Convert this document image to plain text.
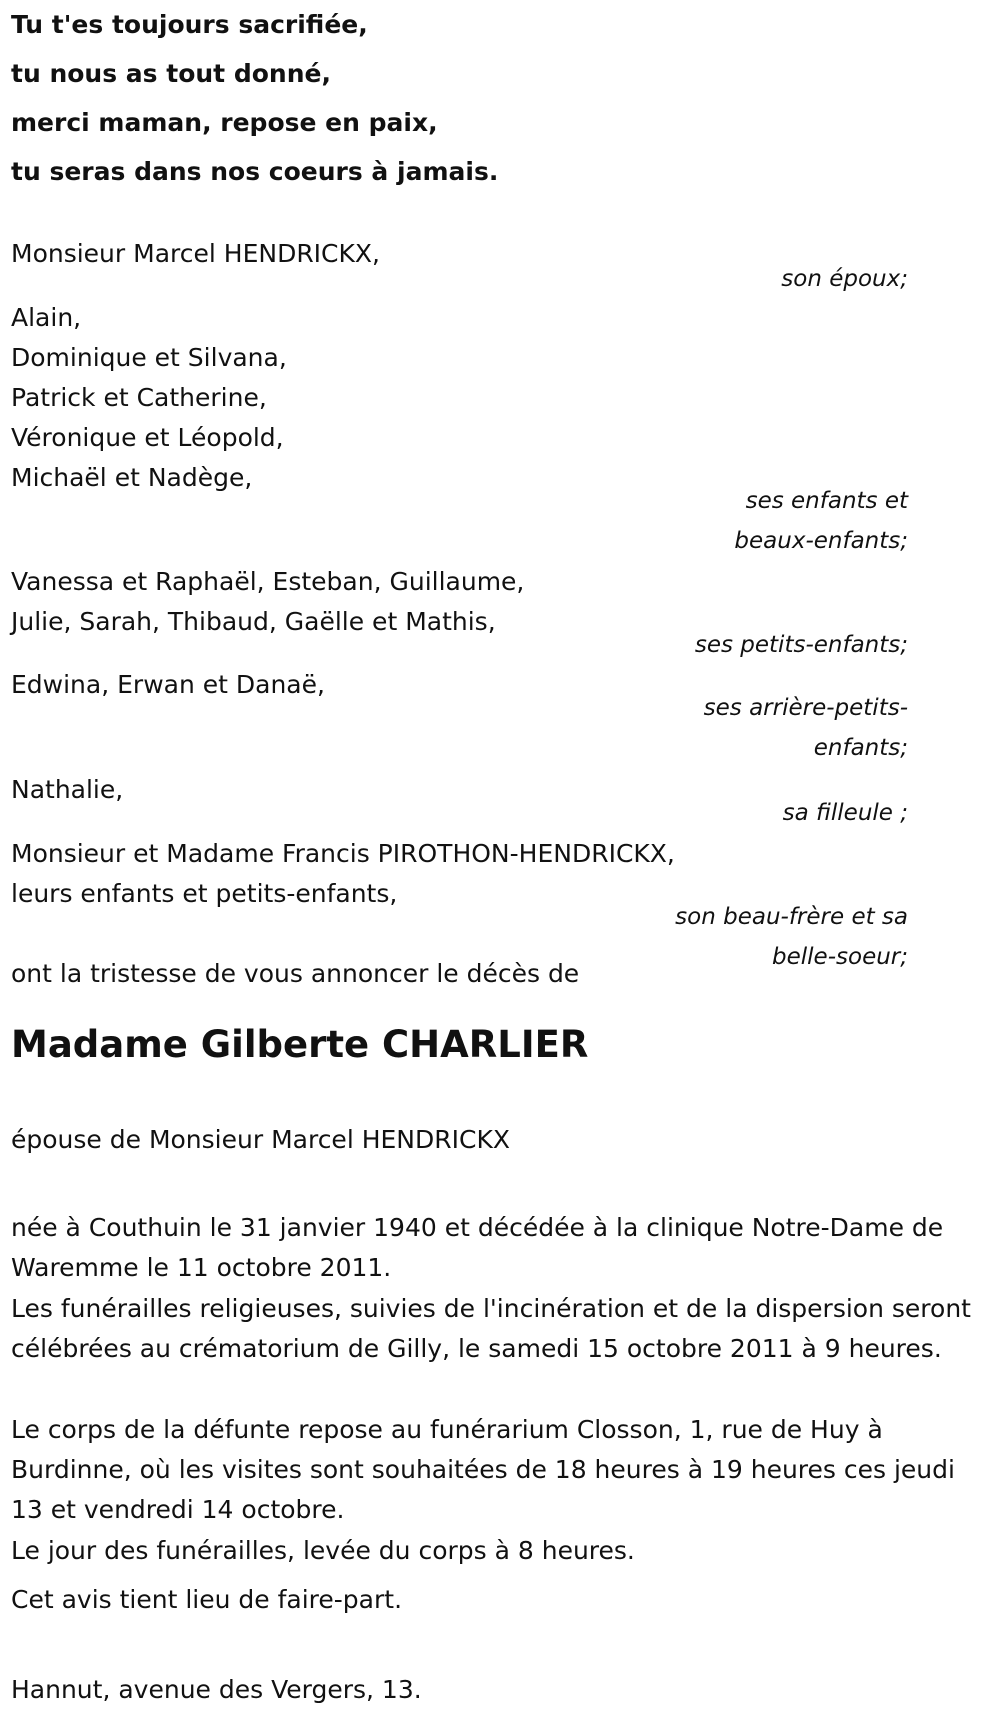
Tu t'es toujours sacrifiée,
tu nous as tout donné,
merci maman, repose en paix,
tu seras dans nos coeurs à jamais.
Monsieur Marcel HENDRICKX,
son époux;
Alain,
Dominique et Silvana,
Patrick et Catherine,
Véronique et Léopold,
Michaël et Nadège,
ses enfants et
beaux-enfants;
Vanessa et Raphaël, Esteban, Guillaume,
Julie, Sarah, Thibaud, Gaëlle et Mathis,
ses petits-enfants;
Edwina, Erwan et Danaë,
ses arrière-petits-
enfants;
Nathalie,
sa filleule ;
Monsieur et Madame Francis PIROTHON-HENDRICKX,
leurs enfants et petits-enfants,
son beau-frère et sa
belle-soeur;
ont la tristesse de vous annoncer le décès de
Madame Gilberte CHARLIER
épouse de Monsieur Marcel HENDRICKX
née à Couthuin le 31 janvier 1940 et décédée à la clinique Notre-Dame de Waremme le 11 octobre 2011.
Les funérailles religieuses, suivies de l'incinération et de la dispersion seront célébrées au crématorium de Gilly, le samedi 15 octobre 2011 à 9 heures.
Le corps de la défunte repose au funérarium Closson, 1, rue de Huy à Burdinne, où les visites sont souhaitées de 18 heures à 19 heures ces jeudi 13 et vendredi 14 octobre.
Le jour des funérailles, levée du corps à 8 heures.
Cet avis tient lieu de faire-part.
Hannut, avenue des Vergers, 13.
